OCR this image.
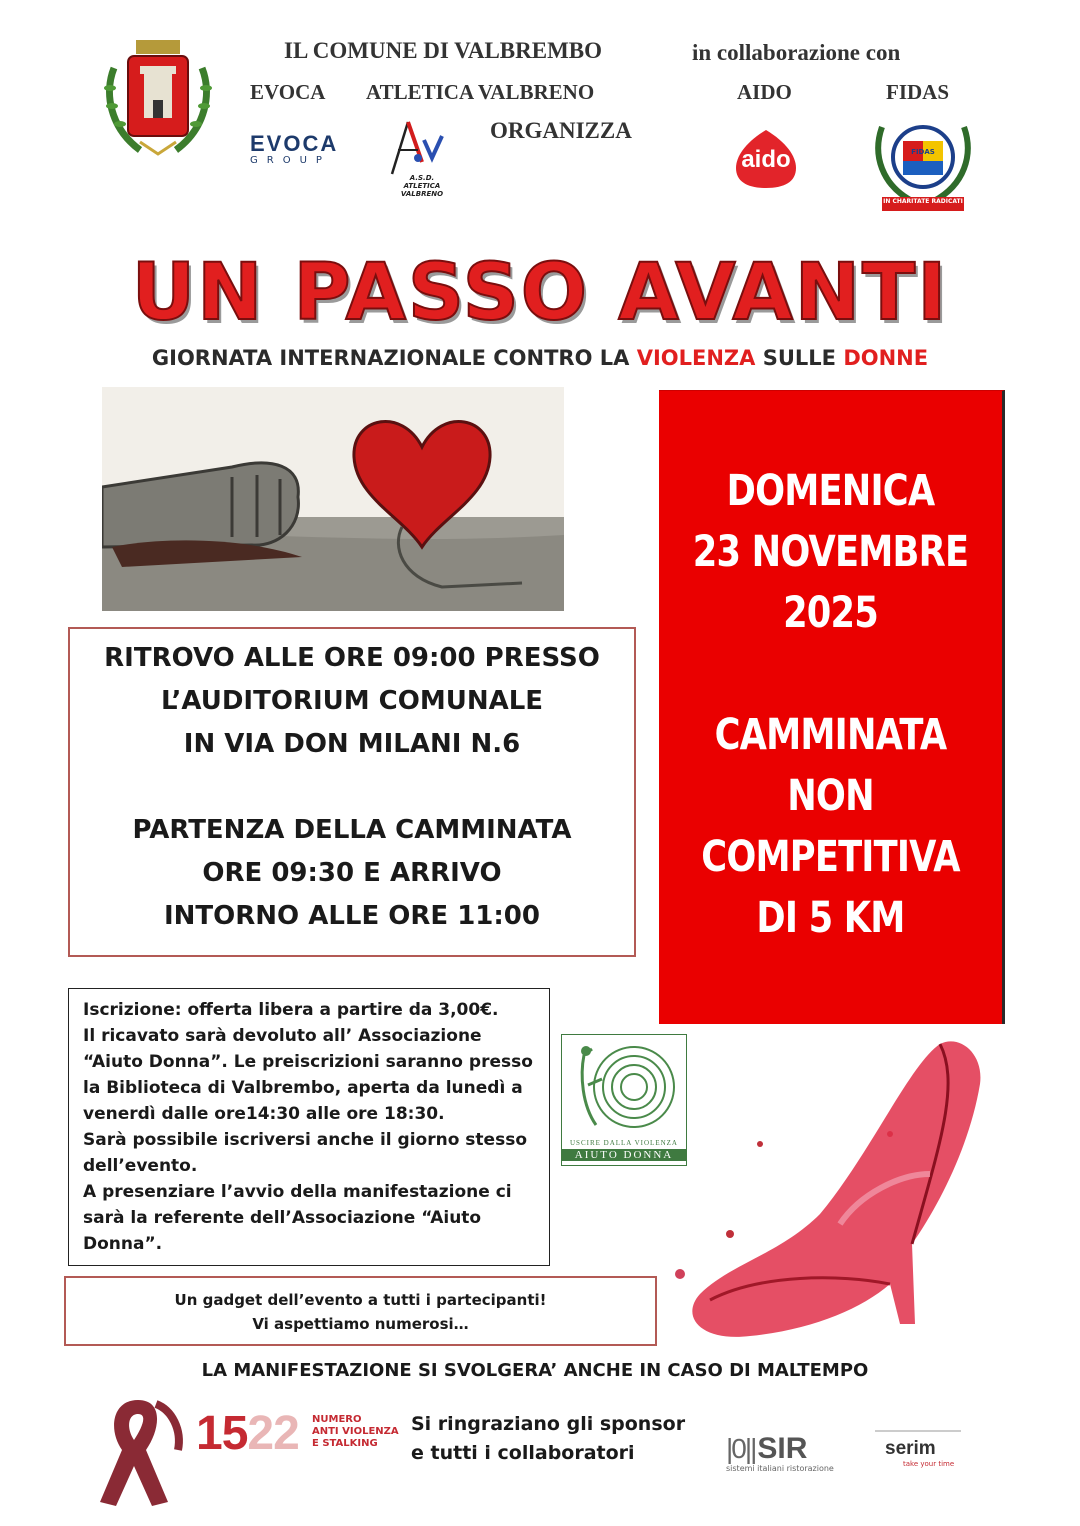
IL COMUNE DI VALBREMBO	in collaborazione con
EVOCA ATLETICA VALBRENO	AIDO	FIDAS
ORGANIZZA
EVOCA
GROUP
A.S.D. ATLETICA VALBRENO
aido
IN CHARITATE RADICATI
FIDAS
UN PASSO AVANTI
GIORNATA INTERNAZIONALE CONTRO LA VIOLENZA SULLE DONNE
DOMENICA
23 NOVEMBRE
2025
CAMMINATA
NON
COMPETITIVA
DI 5 KM
RITROVO ALLE ORE 09:00 PRESSO
L’AUDITORIUM COMUNALE
IN VIA DON MILANI N.6
PARTENZA DELLA CAMMINATA
ORE 09:30 E ARRIVO
INTORNO ALLE ORE 11:00
Iscrizione: offerta libera a partire da 3,00€.
Il ricavato sarà devoluto all’ Associazione
“Aiuto Donna”. Le preiscrizioni saranno presso
la Biblioteca di Valbrembo, aperta da lunedì a
venerdì dalle ore14:30 alle ore 18:30.
Sarà possibile iscriversi anche il giorno stesso
dell’evento.
A presenziare l’avvio della manifestazione ci
sarà la referente dell’Associazione “Aiuto
Donna”.
USCIRE DALLA VIOLENZA
AIUTO DONNA
Un gadget dell’evento a tutti i partecipanti!
Vi aspettiamo numerosi…
LA MANIFESTAZIONE SI SVOLGERA’ ANCHE IN CASO DI MALTEMPO
1522 NUMERO
ANTI VIOLENZA
E STALKING
Si ringraziano gli sponsor
e tutti i collaboratori	|0|| SIR
sistemi italiani ristorazione
serim
take your time
